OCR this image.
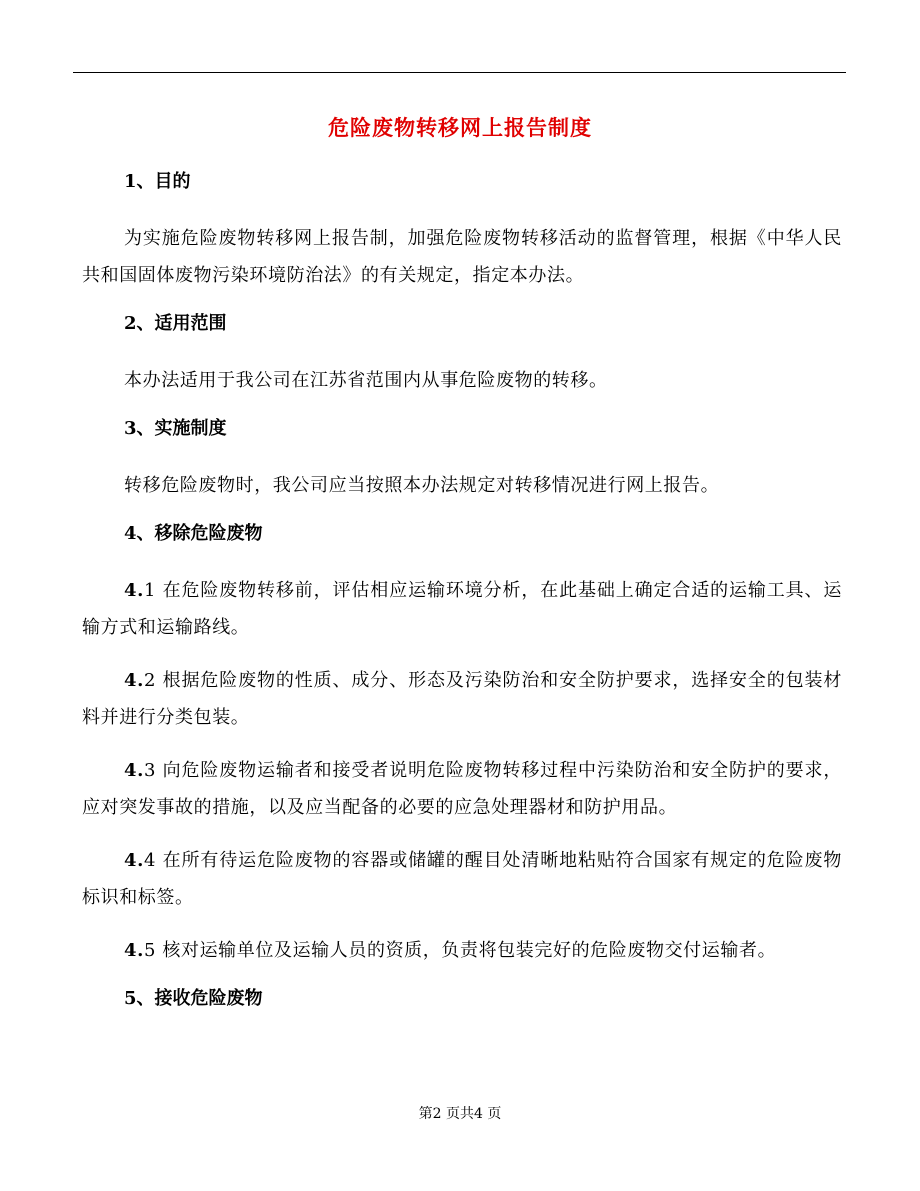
危险废物转移网上报告制度
1、目的

为实施危险废物转移网上报告制，加强危险废物转移活动的监督管理，根据《中华人民共和国固体废物污染环境防治法》的有关规定，指定本办法。

2、适用范围

本办法适用于我公司在江苏省范围内从事危险废物的转移。

3、实施制度

转移危险废物时，我公司应当按照本办法规定对转移情况进行网上报告。

4、移除危险废物

4.1 在危险废物转移前，评估相应运输环境分析，在此基础上确定合适的运输工具、运输方式和运输路线。

4.2 根据危险废物的性质、成分、形态及污染防治和安全防护要求，选择安全的包装材料并进行分类包装。

4.3 向危险废物运输者和接受者说明危险废物转移过程中污染防治和安全防护的要求，应对突发事故的措施，以及应当配备的必要的应急处理器材和防护用品。

4.4 在所有待运危险废物的容器或储罐的醒目处清晰地粘贴符合国家有规定的危险废物标识和标签。

4.5 核对运输单位及运输人员的资质，负责将包装完好的危险废物交付运输者。

5、接收危险废物
第2 页共4 页
